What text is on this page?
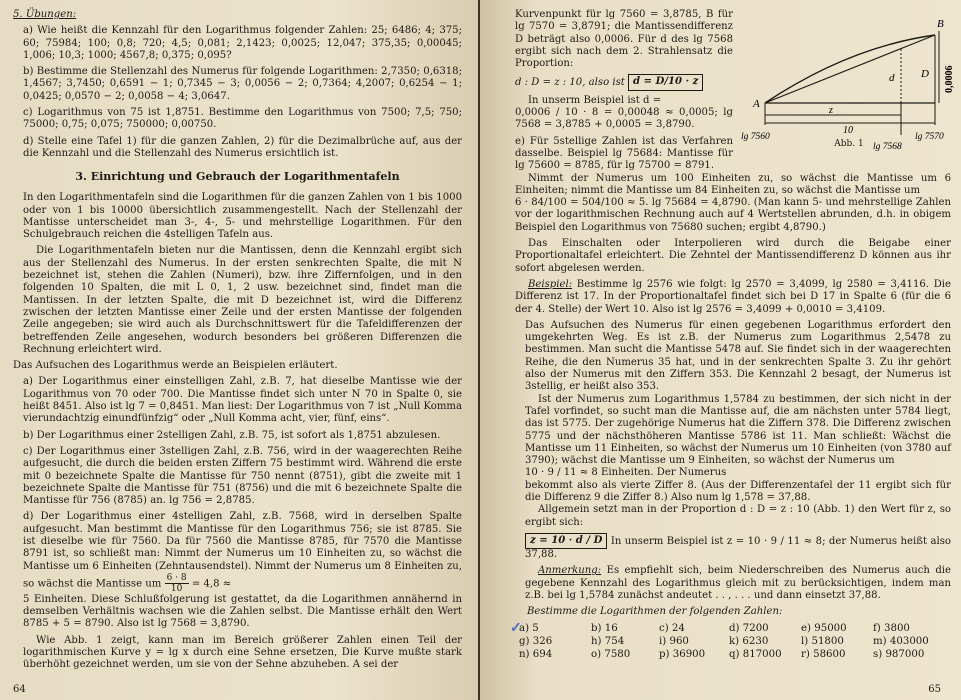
5. Übungen:

a) Wie heißt die Kennzahl für den Logarithmus folgender Zahlen: 25; 6486; 4; 375; 60; 75984; 100; 0,8; 720; 4,5; 0,081; 2,1423; 0,0025; 12,047; 375,35; 0,00045; 1,006; 10,3; 1000; 4567,8; 0,375; 0,095?

b) Bestimme die Stellenzahl des Numerus für folgende Logarithmen: 2,7350; 0,6318; 1,4567; 3,7450; 0,6591 − 1; 0,7345 − 3; 0,0056 − 2; 0,7364; 4,2007; 0,6254 − 1; 0,0425; 0,0570 − 2; 0,0058 − 4; 3,0647.

c) Logarithmus von 75 ist 1,8751. Bestimme den Logarithmus von 7500; 7,5; 750; 75000; 0,75; 0,075; 750000; 0,00750.

d) Stelle eine Tafel 1) für die ganzen Zahlen, 2) für die Dezimalbrüche auf, aus der die Kennzahl und die Stellenzahl des Numerus ersichtlich ist.

3. Einrichtung und Gebrauch der Logarithmentafeln

In den Logarithmentafeln sind die Logarithmen für die ganzen Zahlen von 1 bis 1000 oder von 1 bis 10000 übersichtlich zusammengestellt. Nach der Stellenzahl der Mantisse unterscheidet man 3-, 4-, 5- und mehrstellige Logarithmen. Für den Schulgebrauch reichen die 4stelligen Tafeln aus.

Die Logarithmentafeln bieten nur die Mantissen, denn die Kennzahl ergibt sich aus der Stellenzahl des Numerus. In der ersten senkrechten Spalte, die mit N bezeichnet ist, stehen die Zahlen (Numeri), bzw. ihre Ziffernfolgen, und in den folgenden 10 Spalten, die mit L 0, 1, 2 usw. bezeichnet sind, findet man die Mantissen. In der letzten Spalte, die mit D bezeichnet ist, wird die Differenz zwischen der letzten Mantisse einer Zeile und der ersten Mantisse der folgenden Zeile angegeben; sie wird auch als Durchschnittswert für die Tafeldifferenzen der betreffenden Zeile angesehen, wodurch besonders bei größeren Differenzen die Rechnung erleichtert wird.

Das Aufsuchen des Logarithmus werde an Beispielen erläutert.

a) Der Logarithmus einer einstelligen Zahl, z.B. 7, hat dieselbe Mantisse wie der Logarithmus von 70 oder 700. Die Mantisse findet sich unter N 70 in Spalte 0, sie heißt 8451. Also ist lg 7 = 0,8451. Man liest: Der Logarithmus von 7 ist „Null Komma vierundachtzig einundfünfzig“ oder „Null Komma acht, vier, fünf, eins“.

b) Der Logarithmus einer 2stelligen Zahl, z.B. 75, ist sofort als 1,8751 abzulesen.

c) Der Logarithmus einer 3stelligen Zahl, z.B. 756, wird in der waagerechten Reihe aufgesucht, die durch die beiden ersten Ziffern 75 bestimmt wird. Während die erste mit 0 bezeichnete Spalte die Mantisse für 750 nennt (8751), gibt die zweite mit 1 bezeichnete Spalte die Mantisse für 751 (8756) und die mit 6 bezeichnete Spalte die Mantisse für 756 (8785) an. lg 756 = 2,8785.

d) Der Logarithmus einer 4stelligen Zahl, z.B. 7568, wird in derselben Spalte aufgesucht. Man bestimmt die Mantisse für den Logarithmus 756; sie ist 8785. Sie ist dieselbe wie für 7560. Da für 7560 die Mantisse 8785, für 7570 die Mantisse 8791 ist, so schließt man: Nimmt der Numerus um 10 Einheiten zu, so wächst die Mantisse um 6 Einheiten (Zehntausendstel). Nimmt der Numerus um 8 Einheiten zu, so wächst die Mantisse um $\frac{6 \cdot 8}{10} = 4,8$ ≈

5 Einheiten. Diese Schlußfolgerung ist gestattet, da die Logarithmen annähernd in demselben Verhältnis wachsen wie die Zahlen selbst. Die Mantisse erhält den Wert 8785 + 5 = 8790. Also ist lg 7568 = 3,8790.

Wie Abb. 1 zeigt, kann man im Bereich größerer Zahlen einen Teil der logarithmischen Kurve y = lg x durch eine Sehne ersetzen, Die Kurve mußte stark überhöht gezeichnet werden, um sie von der Sehne abzuheben. A sei der

64
A
B
d D
z
10
0,0006
lg 7560
lg 7568
lg 7570
Abb. 1

Kurvenpunkt für lg 7560 = 3,8785, B für lg 7570 = 3,8791; die Mantissendifferenz D beträgt also 0,0006. Für d des lg 7568 ergibt sich nach dem 2. Strahlensatz die Proportion:

d : D = z : 10, also ist d = D/10 · z

In unserm Beispiel ist d =

0,0006 / 10 · 8 = 0,00048 ≈ 0,0005; lg 7568 = 3,8785 + 0,0005 = 3,8790.

e) Für 5stellige Zahlen ist das Verfahren dasselbe. Beispiel lg 75684: Mantisse für lg 75600 = 8785, für lg 75700 = 8791.

Nimmt der Numerus um 100 Einheiten zu, so wächst die Mantisse um 6 Einheiten; nimmt die Mantisse um 84 Einheiten zu, so wächst die Mantisse um

6 · 84/100 = 504/100 ≈ 5. lg 75684 = 4,8790. (Man kann 5- und mehrstellige Zahlen vor der logarithmischen Rechnung auch auf 4 Wertstellen abrunden, d.h. in obigem Beispiel den Logarithmus von 75680 suchen; ergibt 4,8790.)

Das Einschalten oder Interpolieren wird durch die Beigabe einer Proportionaltafel erleichtert. Die Zehntel der Mantissendifferenz D können aus ihr sofort abgelesen werden.

Beispiel: Bestimme lg 2576 wie folgt: lg 2570 = 3,4099, lg 2580 = 3,4116. Die Differenz ist 17. In der Proportionaltafel findet sich bei D 17 in Spalte 6 (für die 6 der 4. Stelle) der Wert 10. Also ist lg 2576 = 3,4099 + 0,0010 = 3,4109.

Das Aufsuchen des Numerus für einen gegebenen Logarithmus erfordert den umgekehrten Weg. Es ist z.B. der Numerus zum Logarithmus 2,5478 zu bestimmen. Man sucht die Mantisse 5478 auf. Sie findet sich in der waagerechten Reihe, die den Numerus 35 hat, und in der senkrechten Spalte 3. Zu ihr gehört also der Numerus mit den Ziffern 353. Die Kennzahl 2 besagt, der Numerus ist 3stellig, er heißt also 353.

Ist der Numerus zum Logarithmus 1,5784 zu bestimmen, der sich nicht in der Tafel vorfindet, so sucht man die Mantisse auf, die am nächsten unter 5784 liegt, das ist 5775. Der zugehörige Numerus hat die Ziffern 378. Die Differenz zwischen 5775 und der nächsthöheren Mantisse 5786 ist 11. Man schließt: Wächst die Mantisse um 11 Einheiten, so wächst der Numerus um 10 Einheiten (von 3780 auf 3790); wächst die Mantisse um 9 Einheiten, so wächst der Numerus um

10 · 9 / 11 ≈ 8 Einheiten. Der Numerus

bekommt also als vierte Ziffer 8. (Aus der Differenzentafel der 11 ergibt sich für die Differenz 9 die Ziffer 8.) Also num lg 1,578 = 37,88.

Allgemein setzt man in der Proportion d : D = z : 10 (Abb. 1) den Wert für z, so ergibt sich:

z = 10 · d / D In unserm Beispiel ist z = 10 · 9 / 11 ≈ 8; der Numerus heißt also 37,88.

Anmerkung: Es empfiehlt sich, beim Niederschreiben des Numerus auch die gegebene Kennzahl des Logarithmus gleich mit zu berücksichtigen, indem man z.B. bei lg 1,5784 zunächst andeutet . . , . . . und dann einsetzt 37,88.

Bestimme die Logarithmen der folgenden Zahlen:

a) 5	b) 16	c) 24	d) 7200	e) 95000	f) 3800
g) 326	h) 754	i) 960	k) 6230	l) 51800	m) 403000
n) 694	o) 7580	p) 36900	q) 817000	r) 58600	s) 987000
65
✓
